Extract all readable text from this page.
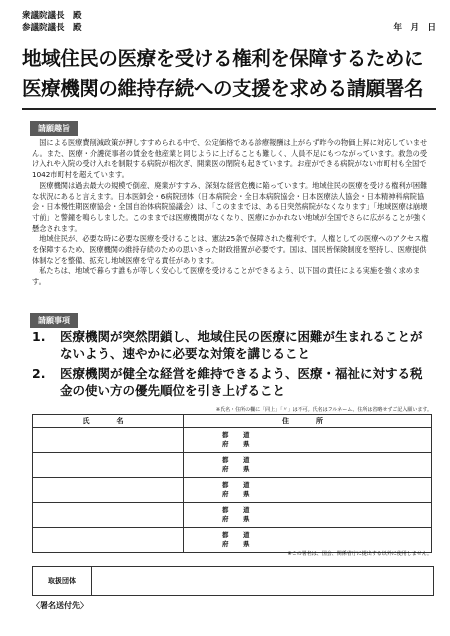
衆議院議長　殿
参議院議長　殿	年　月　日
地域住民の医療を受ける権利を保障するために
医療機関の維持存続への支援を求める請願署名
請願趣旨

国による医療費削減政策が押しすすめられる中で、公定価格である診療報酬は上がらず昨今の物価上昇に対応していません。また、医療・介護従事者の賃金を他産業と同じように上げることも難しく、人員不足にもつながっています。救急の受け入れや入院の受け入れを制限する病院が相次ぎ、開業医の閉院も起きています。お産ができる病院がない市町村も全国で1042市町村を超えています。

医療機関は過去最大の規模で倒産、廃業がすすみ、深刻な経営危機に陥っています。地域住民の医療を受ける権利が困難な状況にあると言えます。日本医師会・6病院団体（日本病院会・全日本病院協会・日本医療法人協会・日本精神科病院協会・日本慢性期医療協会・全国自治体病院協議会）は、「このままでは、ある日突然病院がなくなります」「地域医療は崩壊寸前」と警鐘を鳴らしました。このままでは医療機関がなくなり、医療にかかれない地域が全国でさらに広がることが強く懸念されます。

地域住民が、必要な時に必要な医療を受けることは、憲法25条で保障された権利です。人権としての医療へのアクセス権を保障するため、医療機関の維持存続のための思いきった財政措置が必要です。国は、国民皆保険制度を堅持し、医療提供体制などを整備、拡充し地域医療を守る責任があります。

私たちは、地域で暮らす誰もが等しく安心して医療を受けることができるよう、以下国の責任による実施を強く求めます。

請願事項
1.	医療機関が突然閉鎖し、地域住民の医療に困難が生まれることがないよう、速やかに必要な対策を講じること
2.	医療機関が健全な経営を維持できるよう、医療・福祉に対する税金の使い方の優先順位を引き上げること
※氏名・住所の欄に「同上」「〃」は不可。氏名はフルネーム、住所は省略せずご記入願います。
氏　名	住　所

	都　道
府　県

	都　道
府　県

	都　道
府　県

	都　道
府　県

	都　道
府　県
※この署名は、国会、関係省庁に提出する以外に使用しません。
取扱団体
〈署名送付先〉
